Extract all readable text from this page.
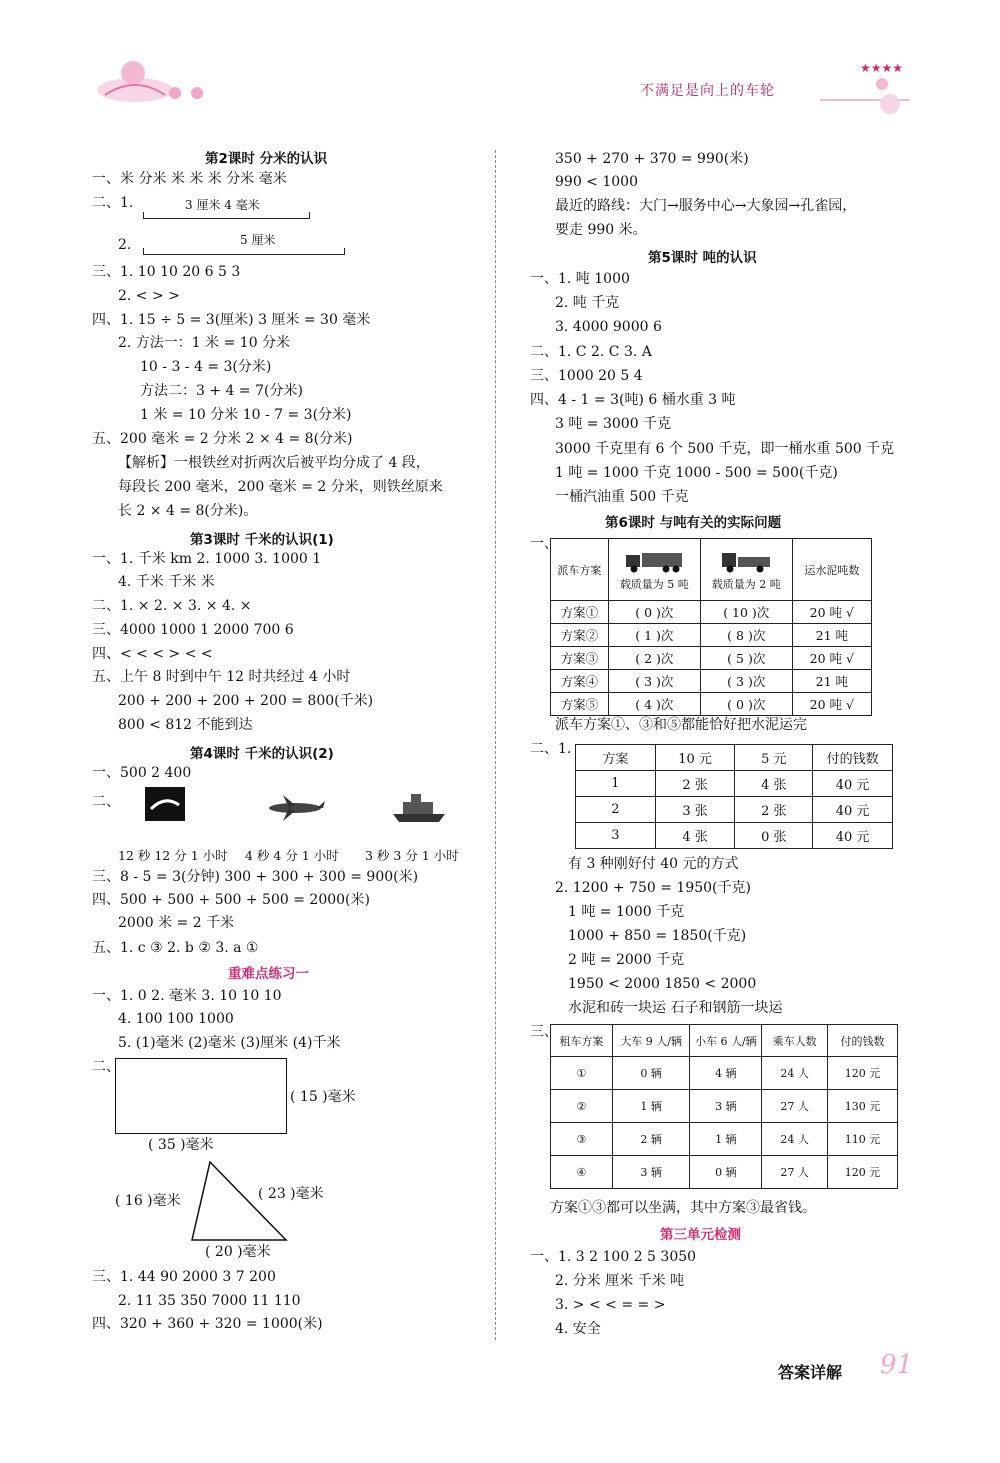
不满足是向上的车轮
★★★★
第2课时 分米的认识
一、米 分米 米 米 米 分米 毫米
二、1.	3 厘米 4 毫米
2.	5 厘米
三、1. 10 10 20 6 5 3
2. < > >
四、1. 15 ÷ 5 = 3(厘米) 3 厘米 = 30 毫米
2. 方法一：1 米 = 10 分米
10 - 3 - 4 = 3(分米)
方法二：3 + 4 = 7(分米)
1 米 = 10 分米 10 - 7 = 3(分米)
五、200 毫米 = 2 分米 2 × 4 = 8(分米)
【解析】一根铁丝对折两次后被平均分成了 4 段，
每段长 200 毫米，200 毫米 = 2 分米，则铁丝原来
长 2 × 4 = 8(分米)。
第3课时 千米的认识(1)
一、1. 千米 km 2. 1000 3. 1000 1
4. 千米 千米 米
二、1. × 2. × 3. × 4. ×
三、4000 1000 1 2000 700 6
四、< < < > < <
五、上午 8 时到中午 12 时共经过 4 小时
200 + 200 + 200 + 200 = 800(千米)
800 < 812 不能到达
第4课时 千米的认识(2)
一、500 2 400
二、
12 秒 12 分 1 小时 4 秒 4 分 1 小时 3 秒 3 分 1 小时
三、8 - 5 = 3(分钟) 300 + 300 + 300 = 900(米)
四、500 + 500 + 500 + 500 = 2000(米)
2000 米 = 2 千米
五、1. c ③ 2. b ② 3. a ①
重难点练习一
一、1. 0 2. 毫米 3. 10 10 10
4. 100 100 1000
5. (1)毫米 (2)毫米 (3)厘米 (4)千米
二、
( 15 )毫米
( 35 )毫米
( 16 )毫米	( 23 )毫米
( 20 )毫米
三、1. 44 90 2000 3 7 200
2. 11 35 350 7000 11 110
四、320 + 360 + 320 = 1000(米)
350 + 270 + 370 = 990(米)
990 < 1000
最近的路线：大门→服务中心→大象园→孔雀园，
要走 990 米。
第5课时 吨的认识
一、1. 吨 1000
2. 吨 千克
3. 4000 9000 6
二、1. C 2. C 3. A
三、1000 20 5 4
四、4 - 1 = 3(吨) 6 桶水重 3 吨
3 吨 = 3000 千克
3000 千克里有 6 个 500 千克，即一桶水重 500 千克
1 吨 = 1000 千克 1000 - 500 = 500(千克)
一桶汽油重 500 千克
第6课时 与吨有关的实际问题
一、
派车方案	载质量为 5 吨	载质量为 2 吨	运水泥吨数
方案①	( 0 )次	( 10 )次	20 吨 √
方案②	( 1 )次	( 8 )次	21 吨
方案③	( 2 )次	( 5 )次	20 吨 √
方案④	( 3 )次	( 3 )次	21 吨
方案⑤	( 4 )次	( 0 )次	20 吨 √
派车方案①、③和⑤都能恰好把水泥运完
二、1.
方案	10 元	5 元	付的钱数
1	2 张	4 张	40 元
2	3 张	2 张	40 元
3	4 张	0 张	40 元
有 3 种刚好付 40 元的方式
2. 1200 + 750 = 1950(千克)
1 吨 = 1000 千克
1000 + 850 = 1850(千克)
2 吨 = 2000 千克
1950 < 2000 1850 < 2000
水泥和砖一块运 石子和钢筋一块运
三、
租车方案	大车 9 人/辆	小车 6 人/辆	乘车人数	付的钱数
①	0 辆	4 辆	24 人	120 元
②	1 辆	3 辆	27 人	130 元
③	2 辆	1 辆	24 人	110 元
④	3 辆	0 辆	27 人	120 元
方案①③都可以坐满，其中方案③最省钱。
第三单元检测
一、1. 3 2 100 2 5 3050
2. 分米 厘米 千米 吨
3. > < < = = >
4. 安全
答案详解 91
